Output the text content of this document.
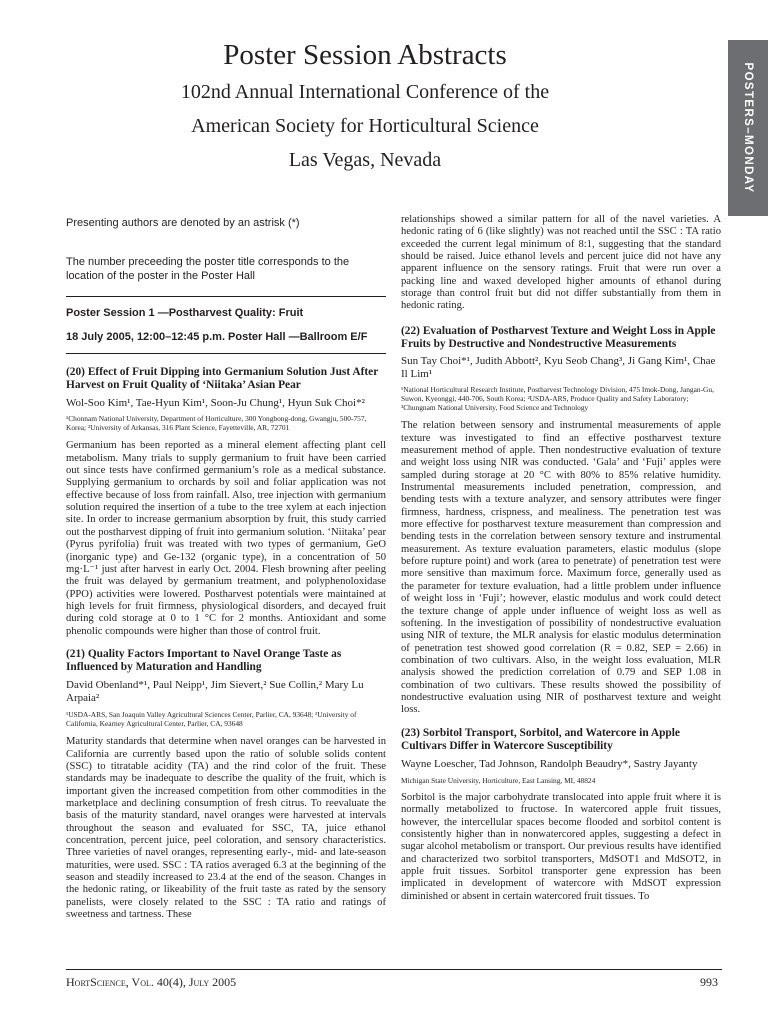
Poster Session Abstracts
102nd Annual International Conference of the
American Society for Horticultural Science
Las Vegas, Nevada	POSTERS–MONDAY

Presenting authors are denoted by an astrisk (*)

The number preceeding the poster title corresponds to the location of the poster in the Poster Hall

Poster Session 1 —Postharvest Quality: Fruit
18 July 2005, 12:00–12:45 p.m. Poster Hall —Ballroom E/F

(20) Effect of Fruit Dipping into Germanium Solution Just After Harvest on Fruit Quality of ‘Niitaka’ Asian Pear

Wol-Soo Kim¹, Tae-Hyun Kim¹, Soon-Ju Chung¹, Hyun Suk Choi*²

¹Chonnam National University, Department of Horticulture, 300 Yongbong-dong, Gwangju, 500-757, Korea; ²University of Arkansas, 316 Plant Science, Fayetteville, AR, 72701

Germanium has been reported as a mineral element affecting plant cell metabolism. Many trials to supply germanium to fruit have been carried out since tests have confirmed germanium’s role as a medical substance. Supplying germanium to orchards by soil and foliar application was not effective because of loss from rainfall. Also, tree injection with germanium solution required the insertion of a tube to the tree xylem at each injection site. In order to increase germanium absorption by fruit, this study carried out the postharvest dipping of fruit into germanium solution. ‘Niitaka’ pear (Pyrus pyrifolia) fruit was treated with two types of germanium, GeO (inorganic type) and Ge-132 (organic type), in a concentration of 50 mg·L⁻¹ just after harvest in early Oct. 2004. Flesh browning after peeling the fruit was delayed by germanium treatment, and polyphenoloxidase (PPO) activities were lowered. Postharvest potentials were maintained at high levels for fruit firmness, physiological disorders, and decayed fruit during cold storage at 0 to 1 °C for 2 months. Antioxidant and some phenolic compounds were higher than those of control fruit.

(21) Quality Factors Important to Navel Orange Taste as Influenced by Maturation and Handling

David Obenland*¹, Paul Neipp¹, Jim Sievert,² Sue Collin,² Mary Lu Arpaia²

¹USDA-ARS, San Joaquin Valley Agricultural Sciences Center, Parlier, CA, 93648; ²University of California, Kearney Agricultural Center, Parlier, CA, 93648

Maturity standards that determine when navel oranges can be harvested in California are currently based upon the ratio of soluble solids content (SSC) to titratable acidity (TA) and the rind color of the fruit. These standards may be inadequate to describe the quality of the fruit, which is important given the increased competition from other commodities in the marketplace and declining consumption of fresh citrus. To reevaluate the basis of the maturity standard, navel oranges were harvested at intervals throughout the season and evaluated for SSC, TA, juice ethanol concentration, percent juice, peel coloration, and sensory characteristics. Three varieties of navel oranges, representing early-, mid- and late-season maturities, were used. SSC : TA ratios averaged 6.3 at the beginning of the season and steadily increased to 23.4 at the end of the season. Changes in the hedonic rating, or likeability of the fruit taste as rated by the sensory panelists, were closely related to the SSC : TA ratio and ratings of sweetness and tartness. These

relationships showed a similar pattern for all of the navel varieties. A hedonic rating of 6 (like slightly) was not reached until the SSC : TA ratio exceeded the current legal minimum of 8:1, suggesting that the standard should be raised. Juice ethanol levels and percent juice did not have any apparent influence on the sensory ratings. Fruit that were run over a packing line and waxed developed higher amounts of ethanol during storage than control fruit but did not differ substantially from them in hedonic rating.

(22) Evaluation of Postharvest Texture and Weight Loss in Apple Fruits by Destructive and Nondestructive Measurements

Sun Tay Choi*¹, Judith Abbott², Kyu Seob Chang³, Ji Gang Kim¹, Chae Il Lim¹

¹National Horticultural Research Institute, Postharvest Technology Division, 475 Imok-Dong, Jangan-Gu, Suwon, Kyeonggi, 440-706, South Korea; ²USDA-ARS, Produce Quality and Safety Laboratory; ³Chungnam National University, Food Science and Technology

The relation between sensory and instrumental measurements of apple texture was investigated to find an effective postharvest texture measurement method of apple. Then nondestructive evaluation of texture and weight loss using NIR was conducted. ‘Gala’ and ‘Fuji’ apples were sampled during storage at 20 °C with 80% to 85% relative humidity. Instrumental measurements included penetration, compression, and bending tests with a texture analyzer, and sensory attributes were finger firmness, hardness, crispness, and mealiness. The penetration test was more effective for postharvest texture measurement than compression and bending tests in the correlation between sensory texture and instrumental measurement. As texture evaluation parameters, elastic modulus (slope before rupture point) and work (area to penetrate) of penetration test were more sensitive than maximum force. Maximum force, generally used as the parameter for texture evaluation, had a little problem under influence of weight loss in ‘Fuji’; however, elastic modulus and work could detect the texture change of apple under influence of weight loss as well as softening. In the investigation of possibility of nondestructive evaluation using NIR of texture, the MLR analysis for elastic modulus determination of penetration test showed good correlation (R = 0.82, SEP = 2.66) in combination of two cultivars. Also, in the weight loss evaluation, MLR analysis showed the prediction correlation of 0.79 and SEP 1.08 in combination of two cultivars. These results showed the possibility of nondestructive evaluation using NIR of postharvest texture and weight loss.

(23) Sorbitol Transport, Sorbitol, and Watercore in Apple Cultivars Differ in Watercore Susceptibility

Wayne Loescher, Tad Johnson, Randolph Beaudry*, Sastry Jayanty

Michigan State University, Horticulture, East Lansing, MI, 48824

Sorbitol is the major carbohydrate translocated into apple fruit where it is normally metabolized to fructose. In watercored apple fruit tissues, however, the intercellular spaces become flooded and sorbitol content is consistently higher than in nonwatercored apples, suggesting a defect in sugar alcohol metabolism or transport. Our previous results have identified and characterized two sorbitol transporters, MdSOT1 and MdSOT2, in apple fruit tissues. Sorbitol transporter gene expression has been implicated in development of watercore with MdSOT expression diminished or absent in certain watercored fruit tissues. To

HortScience, Vol. 40(4), July 2005	993
